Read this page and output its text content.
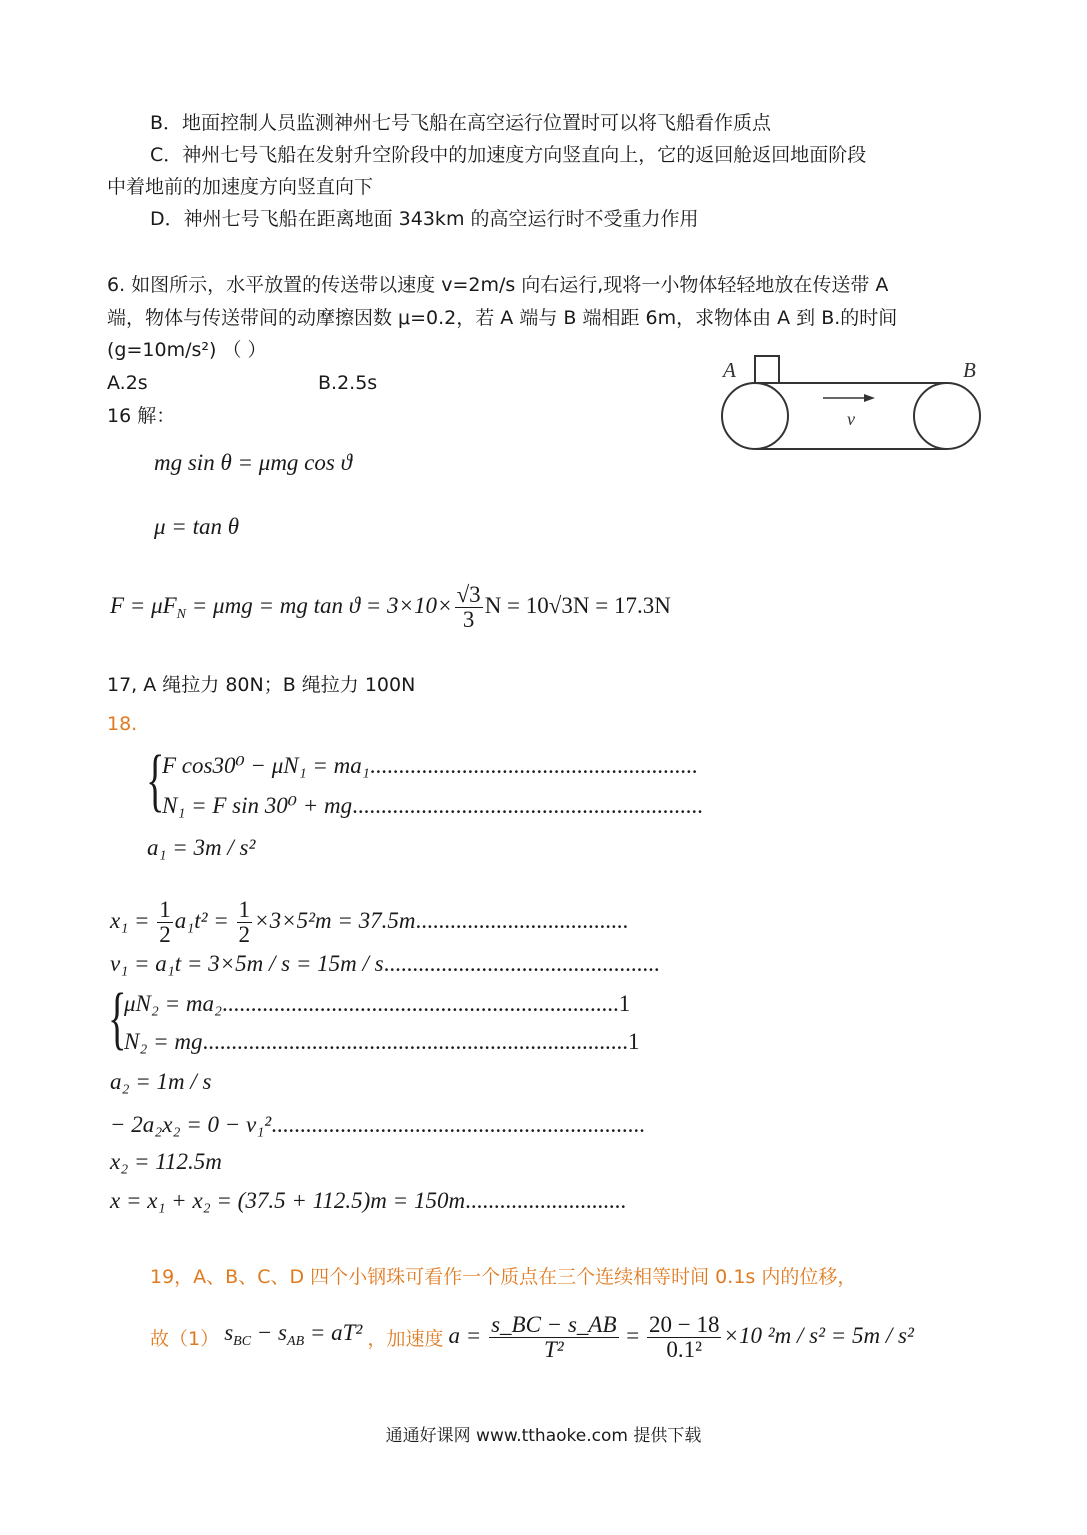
B．地面控制人员监测神州七号飞船在高空运行位置时可以将飞船看作质点
C．神州七号飞船在发射升空阶段中的加速度方向竖直向上，它的返回舱返回地面阶段
中着地前的加速度方向竖直向下
D．神州七号飞船在距离地面 343km 的高空运行时不受重力作用
6. 如图所示，水平放置的传送带以速度 v=2m/s 向右运行,现将一小物体轻轻地放在传送带 A
端，物体与传送带间的动摩擦因数 μ=0.2，若 A 端与 B 端相距 6m，求物体由 A 到 B.的时间
(g=10m/s²) （ ）
A.2s	B.2.5s
A	B
v
16 解：
mg sin θ = μmg cos ϑ
μ = tan θ
$F = \mu F_N = \mu mg$ = mg $\tan ϑ = 3\times 10\times \frac{√3}{3}$ N = 10√3N = 17.3N
17, A 绳拉力 80N；B 绳拉力 100N
18.
{
F cos30⁰ − μN₁ = ma₁.........................................................
N₁ = F sin 30⁰ + mg.............................................................
a₁ = 3m / s²
$x_1 = \frac{1}{2} a_1t^2 = \frac{1}{2} \times 3\times 5^2m = 37.5m$.....................................
v₁ = a₁t = 3×5m / s = 15m / s................................................
{
μN₂ = ma₂.....................................................................1
N₂ = mg..........................................................................1
a₂ = 1m / s
− 2a₂x₂ = 0 − v₁².................................................................
x₂ = 112.5m
x = x₁ + x₂ = (37.5 + 112.5)m = 150m............................
19，A、B、C、D 四个小钢珠可看作一个质点在三个连续相等时间 0.1s 内的位移，
故（1） $s_{BC} - s_{AB} = aT^2$ ，加速度 $a = \frac{s\_BC - s\_AB}{\text{T²}} = \frac{20 - 18}{\text{0.1²}} \times 10$ ²m / s² = 5m / s²
通通好课网 www.tthaoke.com 提供下载
